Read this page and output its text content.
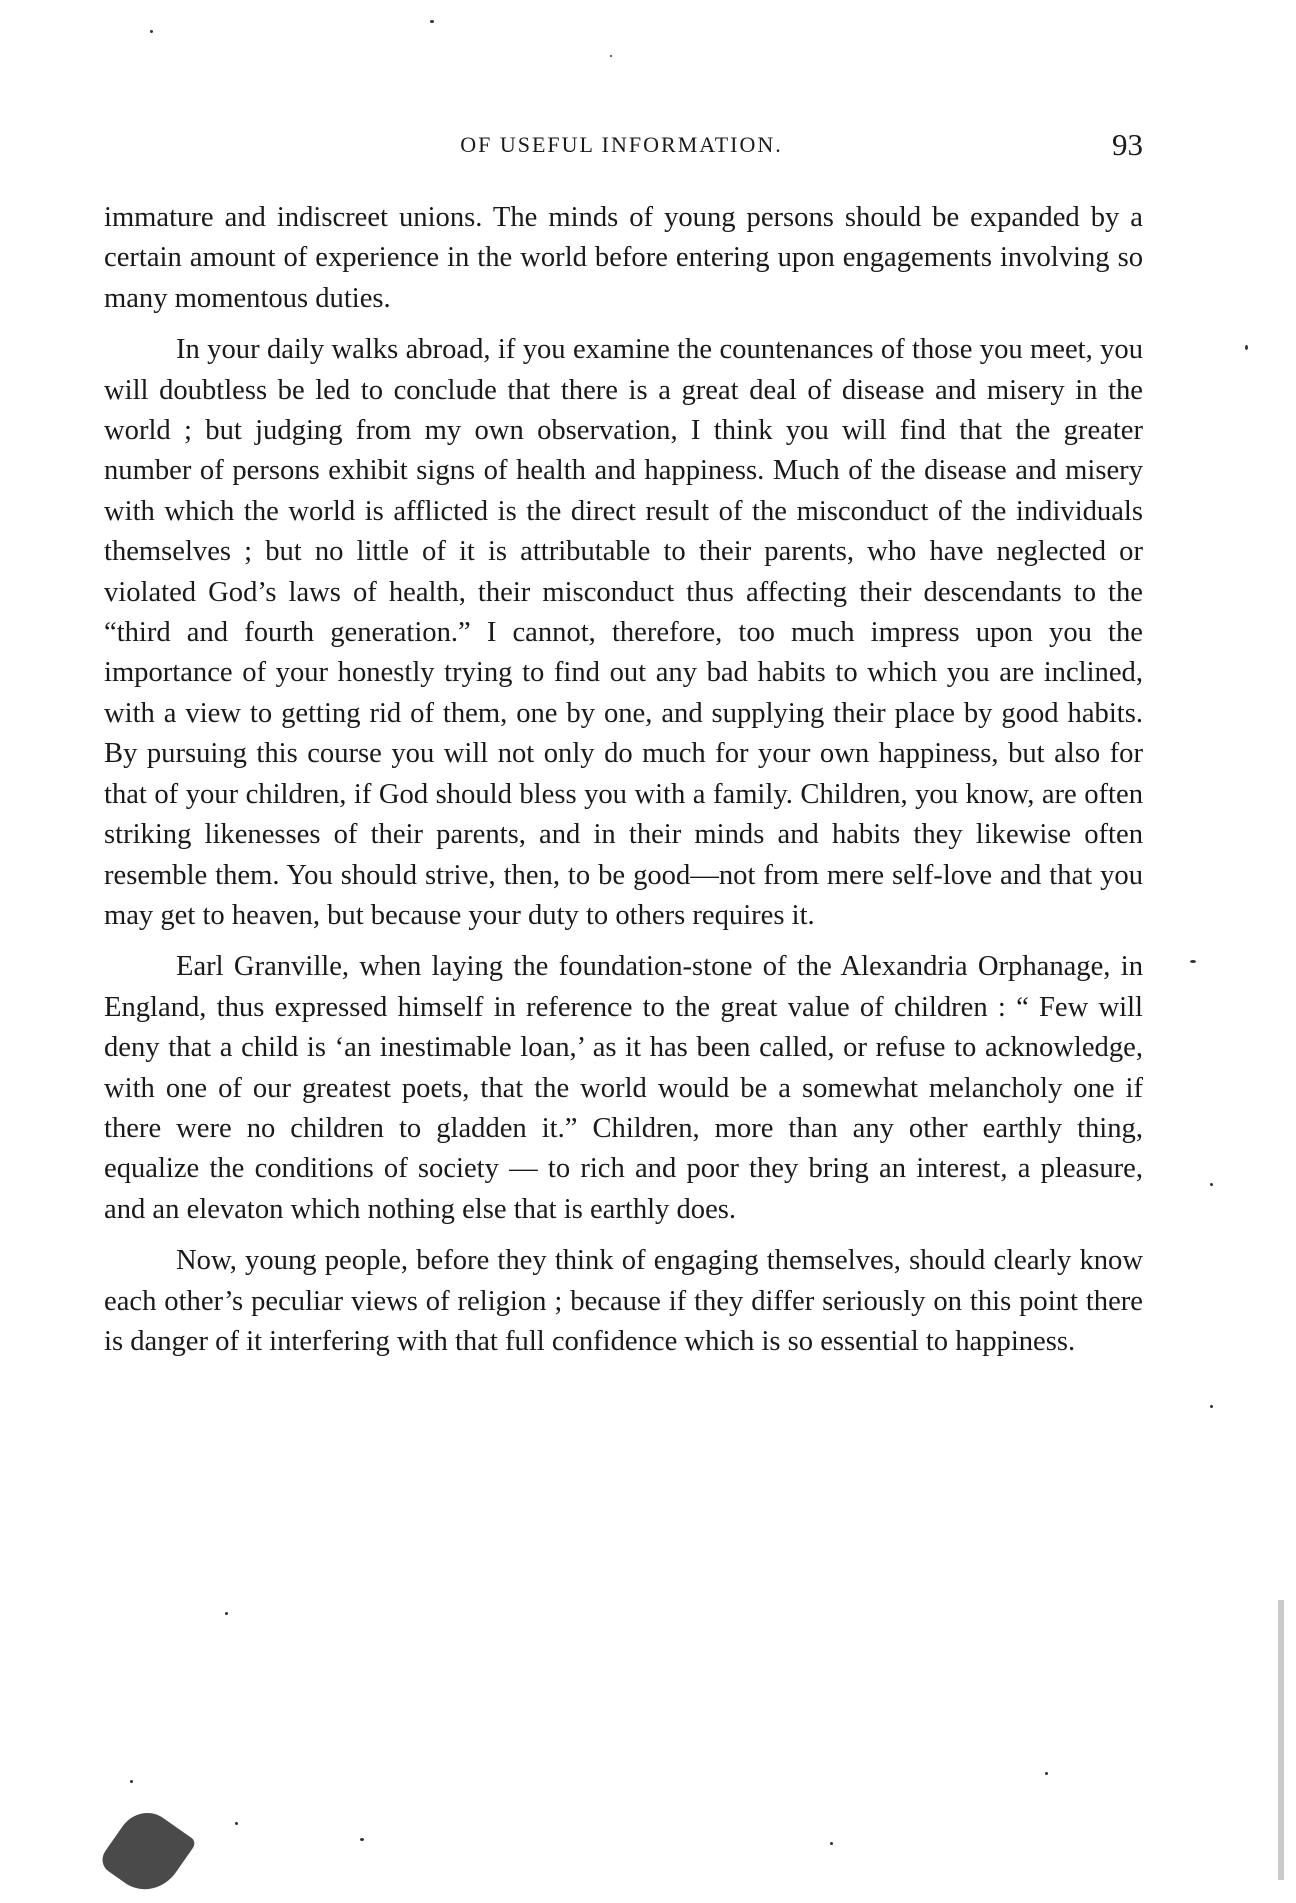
OF USEFUL INFORMATION.	93

immature and indiscreet unions. The minds of young persons should be expanded by a certain amount of experience in the world before entering upon engagements involving so many momentous duties.

In your daily walks abroad, if you examine the countenances of those you meet, you will doubtless be led to conclude that there is a great deal of disease and misery in the world ; but judging from my own observation, I think you will find that the greater number of persons exhibit signs of health and happiness. Much of the disease and misery with which the world is afflicted is the direct result of the misconduct of the individuals themselves ; but no little of it is attributable to their parents, who have neglected or violated God’s laws of health, their misconduct thus affecting their descendants to the “third and fourth generation.” I cannot, therefore, too much impress upon you the importance of your honestly trying to find out any bad habits to which you are inclined, with a view to getting rid of them, one by one, and supplying their place by good habits. By pursuing this course you will not only do much for your own happiness, but also for that of your children, if God should bless you with a family. Children, you know, are often striking likenesses of their parents, and in their minds and habits they likewise often resemble them. You should strive, then, to be good—not from mere self-love and that you may get to heaven, but because your duty to others requires it.

Earl Granville, when laying the foundation-stone of the Alexandria Orphanage, in England, thus expressed himself in reference to the great value of children : “ Few will deny that a child is ‘an inestimable loan,’ as it has been called, or refuse to acknowledge, with one of our greatest poets, that the world would be a somewhat melancholy one if there were no children to gladden it.” Children, more than any other earthly thing, equalize the conditions of society — to rich and poor they bring an interest, a pleasure, and an elevaton which nothing else that is earthly does.

Now, young people, before they think of engaging themselves, should clearly know each other’s peculiar views of religion ; because if they differ seriously on this point there is danger of it interfering with that full confidence which is so essential to happiness.
